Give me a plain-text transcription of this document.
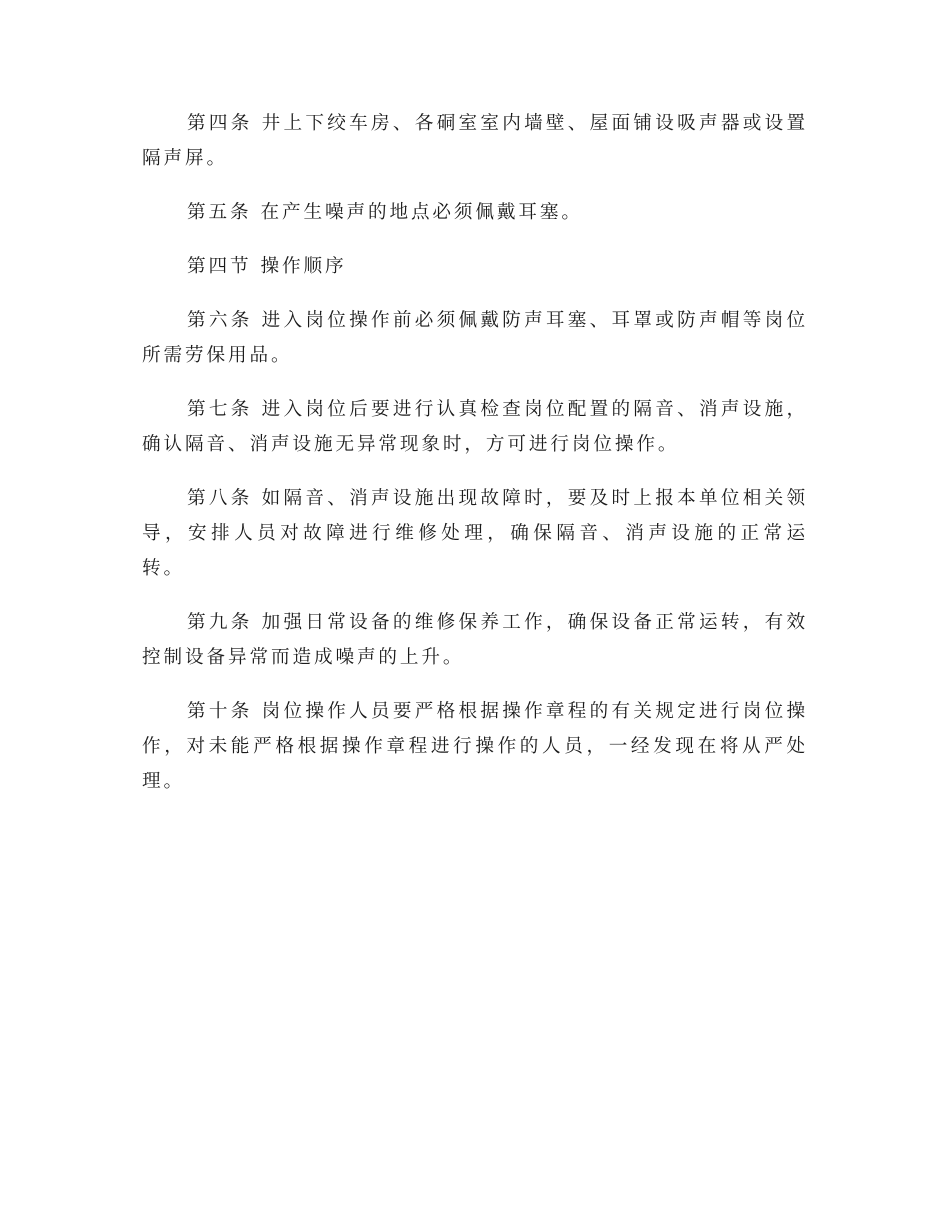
第四条 井上下绞车房、各硐室室内墙壁、屋面铺设吸声器或设置隔声屏。

第五条 在产生噪声的地点必须佩戴耳塞。

第四节 操作顺序

第六条 进入岗位操作前必须佩戴防声耳塞、耳罩或防声帽等岗位所需劳保用品。

第七条 进入岗位后要进行认真检查岗位配置的隔音、消声设施，确认隔音、消声设施无异常现象时，方可进行岗位操作。

第八条 如隔音、消声设施出现故障时，要及时上报本单位相关领导，安排人员对故障进行维修处理，确保隔音、消声设施的正常运转。

第九条 加强日常设备的维修保养工作，确保设备正常运转，有效控制设备异常而造成噪声的上升。

第十条 岗位操作人员要严格根据操作章程的有关规定进行岗位操作，对未能严格根据操作章程进行操作的人员，一经发现在将从严处理。
